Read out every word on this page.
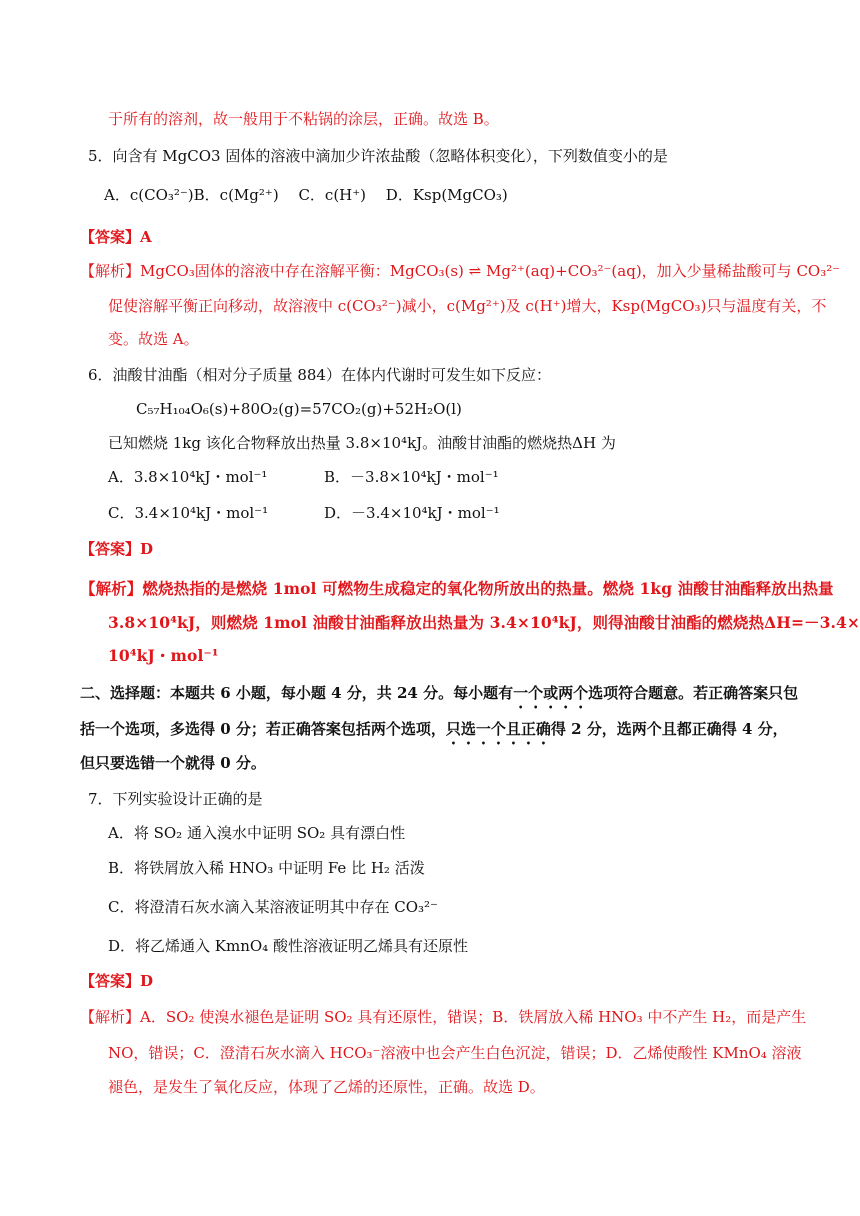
于所有的溶剂，故一般用于不粘锅的涂层，正确。故选 B。
5．向含有 MgCO3 固体的溶液中滴加少许浓盐酸（忽略体积变化），下列数值变小的是
A．c(CO₃²⁻)B．c(Mg²⁺)　 C．c(H⁺)　 D．Ksp(MgCO₃)
【答案】A
【解析】MgCO₃固体的溶液中存在溶解平衡：MgCO₃(s) ⇌ Mg²⁺(aq)+CO₃²⁻(aq)，加入少量稀盐酸可与 CO₃²⁻
促使溶解平衡正向移动，故溶液中 c(CO₃²⁻)减小，c(Mg²⁺)及 c(H⁺)增大，Ksp(MgCO₃)只与温度有关，不
变。故选 A。
6．油酸甘油酯（相对分子质量 884）在体内代谢时可发生如下反应：
C₅₇H₁₀₄O₆(s)+80O₂(g)=57CO₂(g)+52H₂O(l)
已知燃烧 1kg 该化合物释放出热量 3.8×10⁴kJ。油酸甘油酯的燃烧热ΔH 为
A．3.8×10⁴kJ・mol⁻¹	B．－3.8×10⁴kJ・mol⁻¹
C．3.4×10⁴kJ・mol⁻¹	D．－3.4×10⁴kJ・mol⁻¹
【答案】D
【解析】燃烧热指的是燃烧 1mol 可燃物生成稳定的氧化物所放出的热量。燃烧 1kg 油酸甘油酯释放出热量
3.8×10⁴kJ，则燃烧 1mol 油酸甘油酯释放出热量为 3.4×10⁴kJ，则得油酸甘油酯的燃烧热ΔH=－3.4×
10⁴kJ・mol⁻¹
二、选择题：本题共 6 小题，每小题 4 分，共 24 分。每小题有一个或两个选项符合题意。若正确答案只包
括一个选项，多选得 0 分；若正确答案包括两个选项，只选一个且正确得 2 分，选两个且都正确得 4 分，
但只要选错一个就得 0 分。
7．下列实验设计正确的是
A．将 SO₂ 通入溴水中证明 SO₂ 具有漂白性
B．将铁屑放入稀 HNO₃ 中证明 Fe 比 H₂ 活泼
C．将澄清石灰水滴入某溶液证明其中存在 CO₃²⁻
D．将乙烯通入 KmnO₄ 酸性溶液证明乙烯具有还原性
【答案】D
【解析】A．SO₂ 使溴水褪色是证明 SO₂ 具有还原性，错误；B．铁屑放入稀 HNO₃ 中不产生 H₂，而是产生
NO，错误；C．澄清石灰水滴入 HCO₃⁻溶液中也会产生白色沉淀，错误；D．乙烯使酸性 KMnO₄ 溶液
褪色，是发生了氧化反应，体现了乙烯的还原性，正确。故选 D。
